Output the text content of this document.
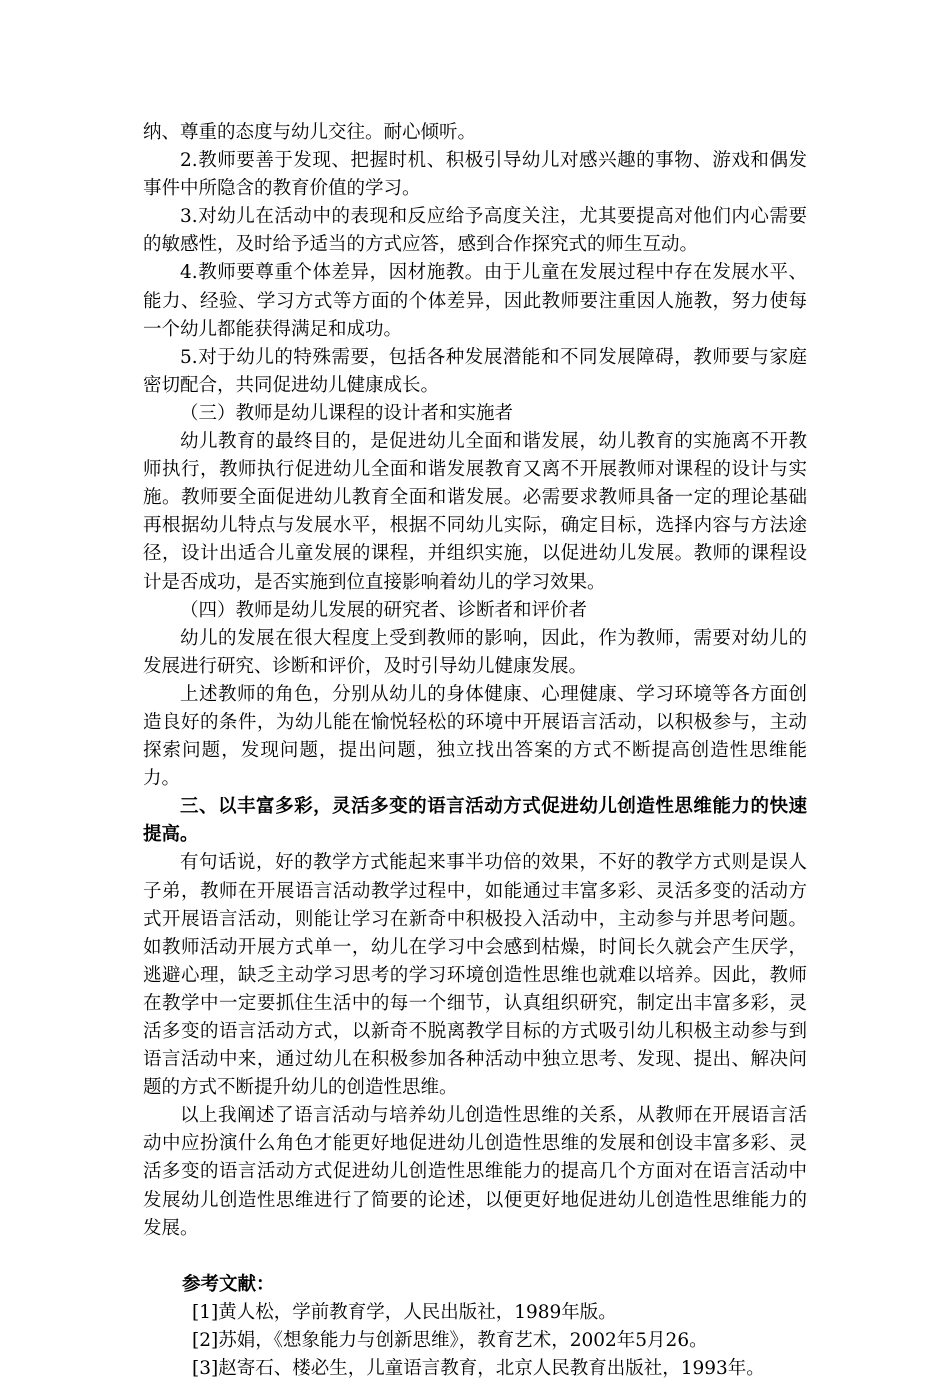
纳、尊重的态度与幼儿交往。耐心倾听。

2.教师要善于发现、把握时机、积极引导幼儿对感兴趣的事物、游戏和偶发事件中所隐含的教育价值的学习。

3.对幼儿在活动中的表现和反应给予高度关注，尤其要提高对他们内心需要的敏感性，及时给予适当的方式应答，感到合作探究式的师生互动。

4.教师要尊重个体差异，因材施教。由于儿童在发展过程中存在发展水平、能力、经验、学习方式等方面的个体差异，因此教师要注重因人施教，努力使每一个幼儿都能获得满足和成功。

5.对于幼儿的特殊需要，包括各种发展潜能和不同发展障碍，教师要与家庭密切配合，共同促进幼儿健康成长。

（三）教师是幼儿课程的设计者和实施者

幼儿教育的最终目的，是促进幼儿全面和谐发展，幼儿教育的实施离不开教师执行，教师执行促进幼儿全面和谐发展教育又离不开展教师对课程的设计与实施。教师要全面促进幼儿教育全面和谐发展。必需要求教师具备一定的理论基础再根据幼儿特点与发展水平，根据不同幼儿实际，确定目标，选择内容与方法途径，设计出适合儿童发展的课程，并组织实施，以促进幼儿发展。教师的课程设计是否成功，是否实施到位直接影响着幼儿的学习效果。

（四）教师是幼儿发展的研究者、诊断者和评价者

幼儿的发展在很大程度上受到教师的影响，因此，作为教师，需要对幼儿的发展进行研究、诊断和评价，及时引导幼儿健康发展。

上述教师的角色，分别从幼儿的身体健康、心理健康、学习环境等各方面创造良好的条件，为幼儿能在愉悦轻松的环境中开展语言活动，以积极参与，主动探索问题，发现问题，提出问题，独立找出答案的方式不断提高创造性思维能力。

三、以丰富多彩，灵活多变的语言活动方式促进幼儿创造性思维能力的快速提高。

有句话说，好的教学方式能起来事半功倍的效果，不好的教学方式则是误人子弟，教师在开展语言活动教学过程中，如能通过丰富多彩、灵活多变的活动方式开展语言活动，则能让学习在新奇中积极投入活动中，主动参与并思考问题。如教师活动开展方式单一，幼儿在学习中会感到枯燥，时间长久就会产生厌学，逃避心理，缺乏主动学习思考的学习环境创造性思维也就难以培养。因此，教师在教学中一定要抓住生活中的每一个细节，认真组织研究，制定出丰富多彩，灵活多变的语言活动方式，以新奇不脱离教学目标的方式吸引幼儿积极主动参与到语言活动中来，通过幼儿在积极参加各种活动中独立思考、发现、提出、解决问题的方式不断提升幼儿的创造性思维。

以上我阐述了语言活动与培养幼儿创造性思维的关系，从教师在开展语言活动中应扮演什么角色才能更好地促进幼儿创造性思维的发展和创设丰富多彩、灵活多变的语言活动方式促进幼儿创造性思维能力的提高几个方面对在语言活动中发展幼儿创造性思维进行了简要的论述，以便更好地促进幼儿创造性思维能力的发展。

参考文献：

[1]黄人松，学前教育学，人民出版社，1989年版。

[2]苏娟，《想象能力与创新思维》，教育艺术，2002年5月26。

[3]赵寄石、楼必生，儿童语言教育，北京人民教育出版社，1993年。
